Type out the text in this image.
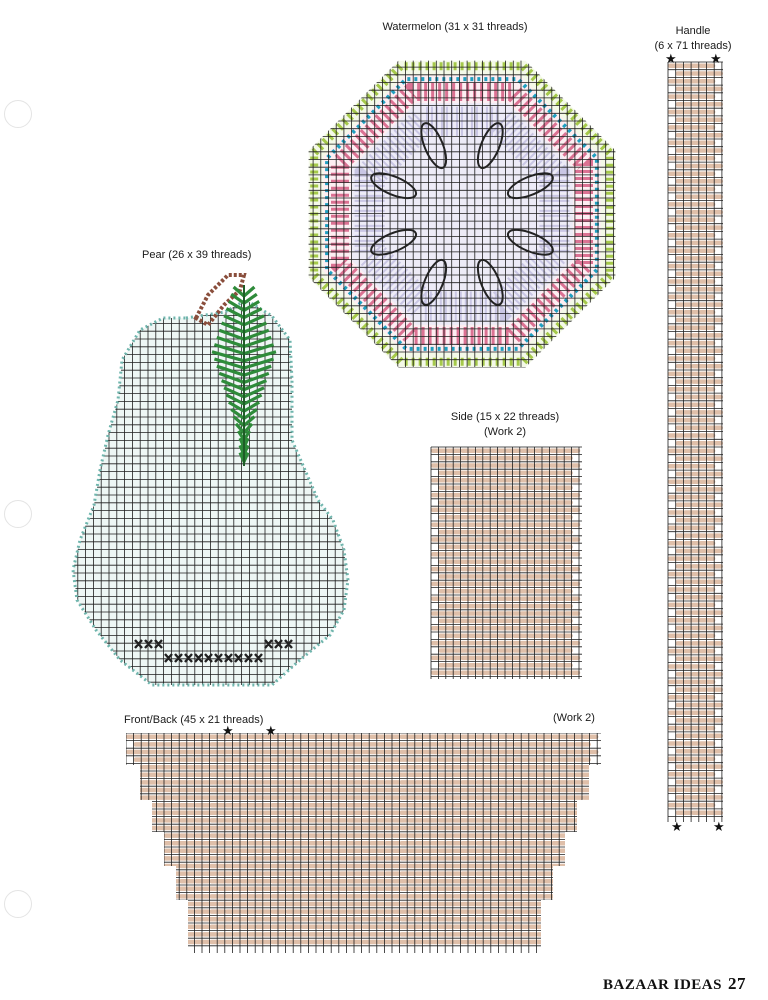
Watermelon (31 x 31 threads)	Handle
(6 x 71 threads)
Pear (26 x 39 threads)
Side (15 x 22 threads)
(Work 2)
Front/Back (45 x 21 threads)	(Work 2)
★	★
★ ★
★ ★
BAZAAR IDEAS 27
